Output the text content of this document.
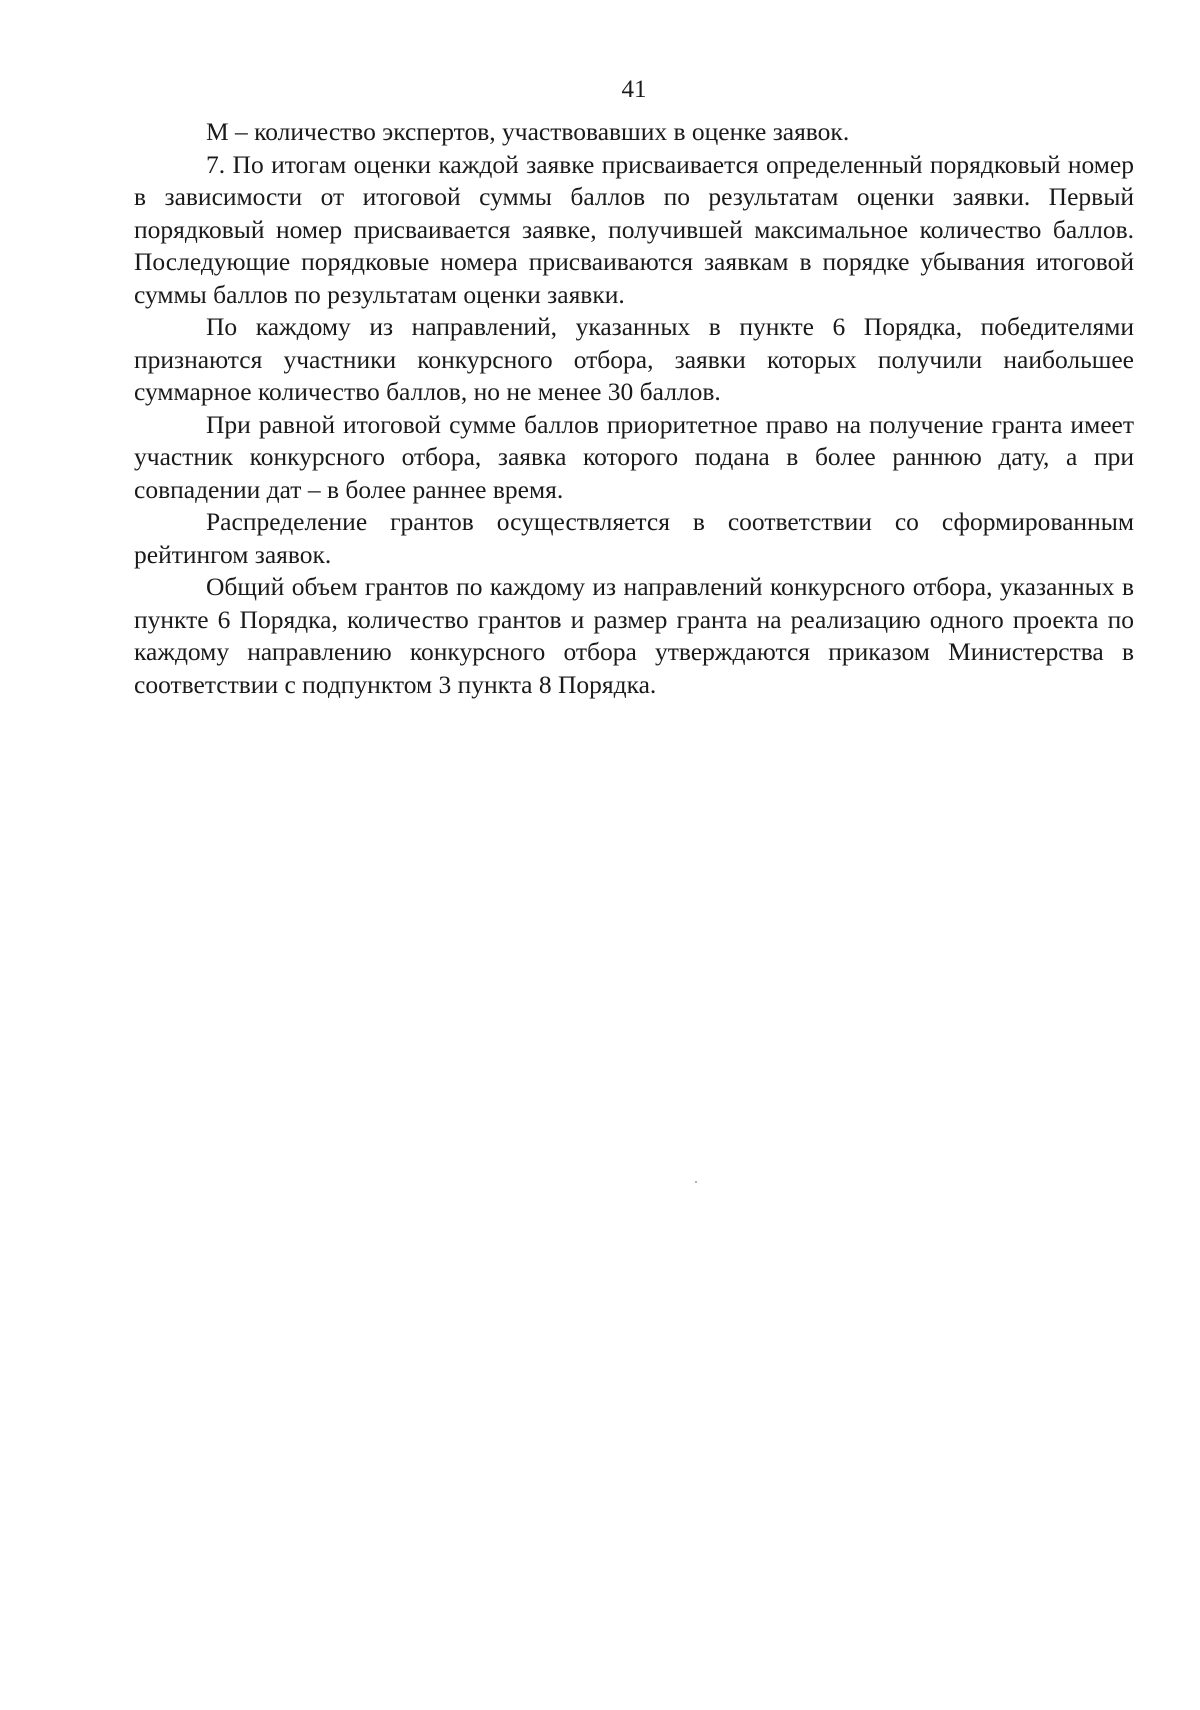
41

М – количество экспертов, участвовавших в оценке заявок.

7. По итогам оценки каждой заявке присваивается определенный порядковый номер в зависимости от итоговой суммы баллов по результатам оценки заявки. Первый порядковый номер присваивается заявке, получившей максимальное количество баллов. Последующие порядковые номера присваиваются заявкам в порядке убывания итоговой суммы баллов по результатам оценки заявки.

По каждому из направлений, указанных в пункте 6 Порядка, победителями признаются участники конкурсного отбора, заявки которых получили наибольшее суммарное количество баллов, но не менее 30 баллов.

При равной итоговой сумме баллов приоритетное право на получение гранта имеет участник конкурсного отбора, заявка которого подана в более раннюю дату, а при совпадении дат – в более раннее время.

Распределение грантов осуществляется в соответствии со сформированным рейтингом заявок.

Общий объем грантов по каждому из направлений конкурсного отбора, указанных в пункте 6 Порядка, количество грантов и размер гранта на реализацию одного проекта по каждому направлению конкурсного отбора утверждаются приказом Министерства в соответствии с подпунктом 3 пункта 8 Порядка.
